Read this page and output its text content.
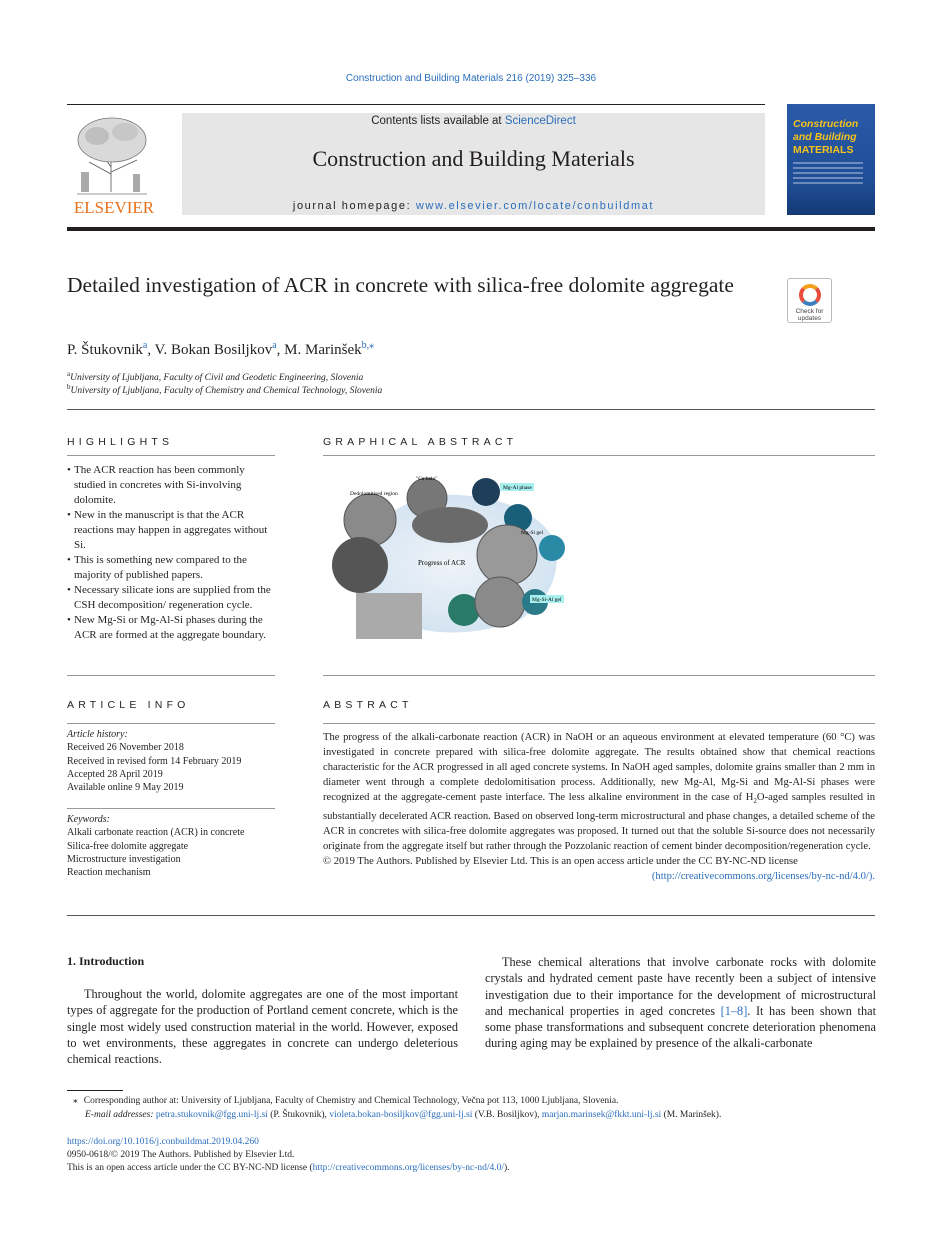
Construction and Building Materials 216 (2019) 325–336
ELSEVIER
Contents lists available at ScienceDirect
Construction and Building Materials
journal homepage: www.elsevier.com/locate/conbuildmat
Construction
and Building
MATERIALS
Detailed investigation of ACR in concrete with silica-free dolomite aggregate
Check for updates
P. Štukovnik$^a$, V. Bokan Bosiljkov$^a$, M. Marinšek$^{b,⁎}$
$^a$University of Ljubljana, Faculty of Civil and Geodetic Engineering, Slovenia
$^b$University of Ljubljana, Faculty of Chemistry and Chemical Technology, Slovenia
HIGHLIGHTS
• The ACR reaction has been commonly studied in concretes with Si-involving dolomite.
• New in the manuscript is that the ACR reactions may happen in aggregates without Si.
• This is something new compared to the majority of published papers.
• Necessary silicate ions are supplied from the CSH decomposition/ regeneration cycle.
• New Mg-Si or Mg-Al-Si phases during the ACR are formed at the aggregate boundary.
GRAPHICAL ABSTRACT
Dedolomitised region
"Ca halo"
Mg-Al phase
Mg-Si gel
Progress of ACR
Mg-Si-Al gel
ARTICLE INFO
Article history:
Received 26 November 2018
Received in revised form 14 February 2019
Accepted 28 April 2019
Available online 9 May 2019
Keywords:
Alkali carbonate reaction (ACR) in concrete
Silica-free dolomite aggregate
Microstructure investigation
Reaction mechanism
ABSTRACT
The progress of the alkali-carbonate reaction (ACR) in NaOH or an aqueous environment at elevated temperature (60 °C) was investigated in concrete prepared with silica-free dolomite aggregate. The results obtained show that chemical reactions characteristic for the ACR progressed in all aged concrete systems. In NaOH aged samples, dolomite grains smaller than 2 mm in diameter went through a complete dedolomitisation process. Additionally, new Mg-Al, Mg-Si and Mg-Al-Si phases were recognized at the aggregate-cement paste interface. The less alkaline environment in the case of $H_2O$-aged samples resulted in substantially decelerated ACR reaction. Based on observed long-term microstructural and phase changes, a detailed scheme of the ACR in concretes with silica-free dolomite aggregates was proposed. It turned out that the soluble Si-source does not necessarily originate from the aggregate itself but rather through the Pozzolanic reaction of cement binder decomposition/regeneration cycle.
© 2019 The Authors. Published by Elsevier Ltd. This is an open access article under the CC BY-NC-ND license
(http://creativecommons.org/licenses/by-nc-nd/4.0/).
1. Introduction
Throughout the world, dolomite aggregates are one of the most important types of aggregate for the production of Portland cement concrete, which is the single most widely used construction material in the world. However, exposed to wet environments, these aggregates in concrete can undergo deleterious chemical reactions.
These chemical alterations that involve carbonate rocks with dolomite crystals and hydrated cement paste have recently been a subject of intensive investigation due to their importance for the development of microstructural and mechanical properties in aged concretes [1–8]. It has been shown that some phase transformations and subsequent concrete deterioration phenomena during aging may be explained by presence of the alkali-carbonate
⁎ Corresponding author at: University of Ljubljana, Faculty of Chemistry and Chemical Technology, Večna pot 113, 1000 Ljubljana, Slovenia.
E-mail addresses: petra.stukovnik@fgg.uni-lj.si (P. Štukovnik), violeta.bokan-bosiljkov@fgg.uni-lj.si (V.B. Bosiljkov), marjan.marinsek@fkkt.uni-lj.si (M. Marinšek).
https://doi.org/10.1016/j.conbuildmat.2019.04.260
0950-0618/© 2019 The Authors. Published by Elsevier Ltd.
This is an open access article under the CC BY-NC-ND license (http://creativecommons.org/licenses/by-nc-nd/4.0/).
